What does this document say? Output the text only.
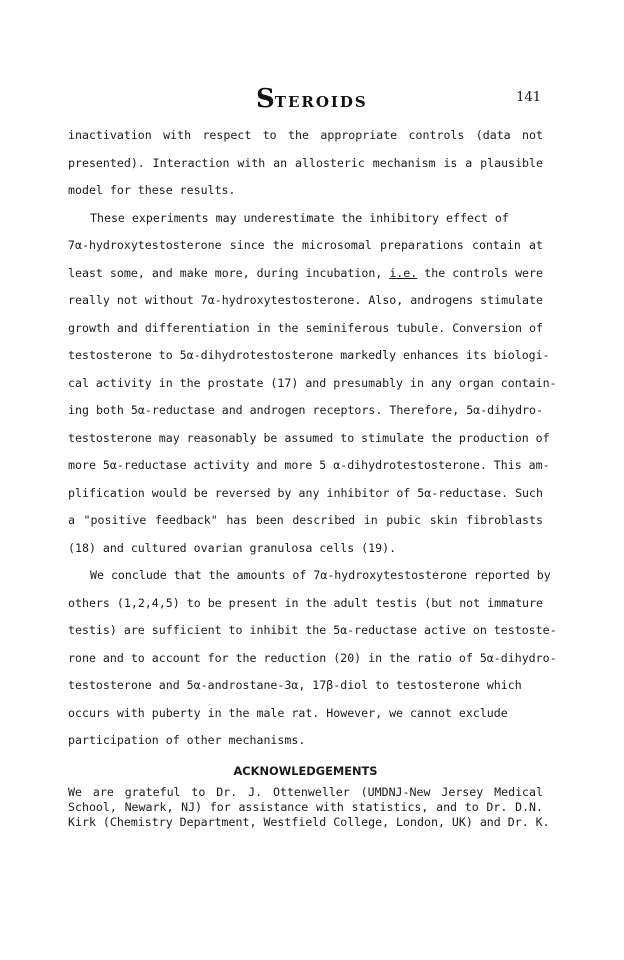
STEROIDS	141
inactivation with respect to the appropriate controls (data not
presented). Interaction with an allosteric mechanism is a plausible
model for these results.
These experiments may underestimate the inhibitory effect of
7α-hydroxytestosterone since the microsomal preparations contain at
least some, and make more, during incubation, i.e. the controls were
really not without 7α-hydroxytestosterone. Also, androgens stimulate
growth and differentiation in the seminiferous tubule. Conversion of
testosterone to 5α-dihydrotestosterone markedly enhances its biologi-
cal activity in the prostate (17) and presumably in any organ contain-
ing both 5α-reductase and androgen receptors. Therefore, 5α-dihydro-
testosterone may reasonably be assumed to stimulate the production of
more 5α-reductase activity and more 5 α-dihydrotestosterone. This am-
plification would be reversed by any inhibitor of 5α-reductase. Such
a "positive feedback" has been described in pubic skin fibroblasts
(18) and cultured ovarian granulosa cells (19).
We conclude that the amounts of 7α-hydroxytestosterone reported by
others (1,2,4,5) to be present in the adult testis (but not immature
testis) are sufficient to inhibit the 5α-reductase active on testoste-
rone and to account for the reduction (20) in the ratio of 5α-dihydro-
testosterone and 5α-androstane-3α, 17β-diol to testosterone which
occurs with puberty in the male rat. However, we cannot exclude
participation of other mechanisms.
ACKNOWLEDGEMENTS
We are grateful to Dr. J. Ottenweller (UMDNJ-New Jersey Medical
School, Newark, NJ) for assistance with statistics, and to Dr. D.N.
Kirk (Chemistry Department, Westfield College, London, UK) and Dr. K.
